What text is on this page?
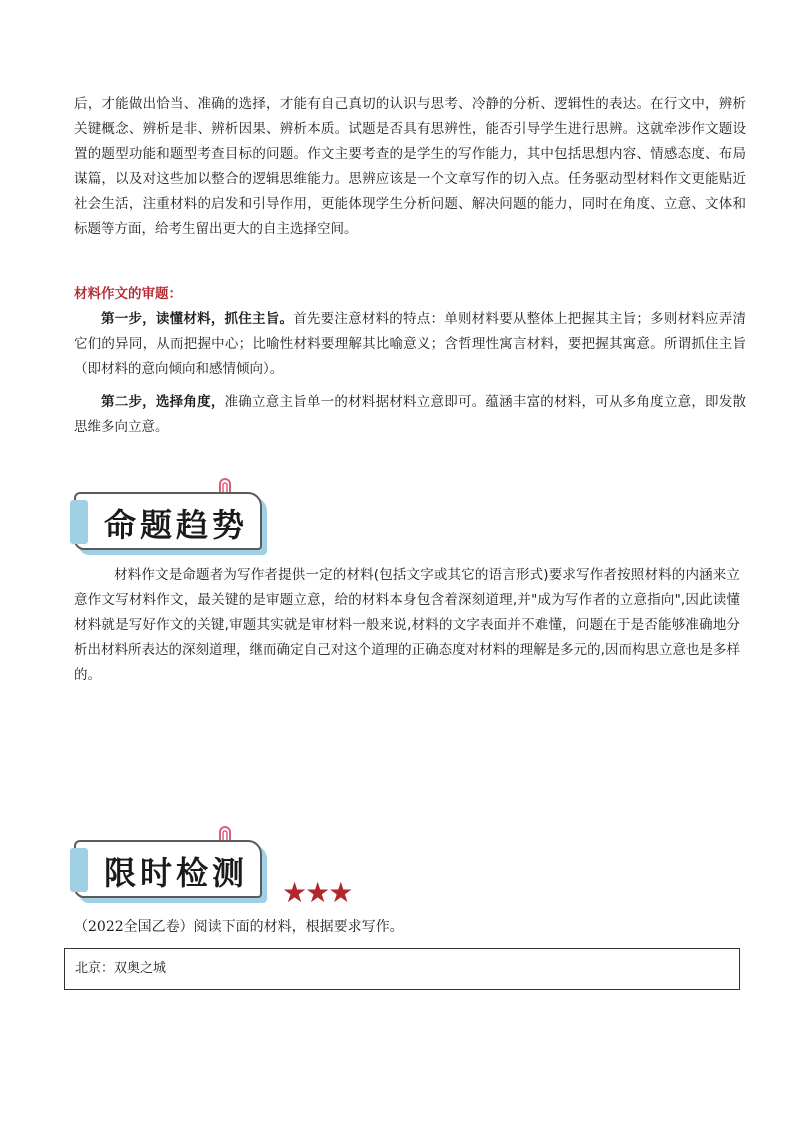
后，才能做出恰当、准确的选择，才能有自己真切的认识与思考、冷静的分析、逻辑性的表达。在行文中，辨析关键概念、辨析是非、辨析因果、辨析本质。试题是否具有思辨性，能否引导学生进行思辨。这就牵涉作文题设置的题型功能和题型考查目标的问题。作文主要考查的是学生的写作能力，其中包括思想内容、情感态度、布局谋篇，以及对这些加以整合的逻辑思维能力。思辨应该是一个文章写作的切入点。任务驱动型材料作文更能贴近社会生活，注重材料的启发和引导作用，更能体现学生分析问题、解决问题的能力，同时在角度、立意、文体和标题等方面，给考生留出更大的自主选择空间。

材料作文的审题：

第一步，读懂材料，抓住主旨。首先要注意材料的特点：单则材料要从整体上把握其主旨；多则材料应弄清它们的异同，从而把握中心；比喻性材料要理解其比喻意义；含哲理性寓言材料，要把握其寓意。所谓抓住主旨（即材料的意向倾向和感情倾向）。

第二步，选择角度，准确立意主旨单一的材料据材料立意即可。蕴涵丰富的材料，可从多角度立意，即发散思维多向立意。

命题趋势

材料作文是命题者为写作者提供一定的材料(包括文字或其它的语言形式)要求写作者按照材料的内涵来立意作文写材料作文，最关键的是审题立意，给的材料本身包含着深刻道理,并"成为写作者的立意指向",因此读懂材料就是写好作文的关键,审题其实就是审材料一般来说,材料的文字表面并不难懂，问题在于是否能够准确地分析出材料所表达的深刻道理，继而确定自己对这个道理的正确态度对材料的理解是多元的,因而构思立意也是多样的。

限时检测
★★★

（2022全国乙卷）阅读下面的材料，根据要求写作。

北京：双奥之城
